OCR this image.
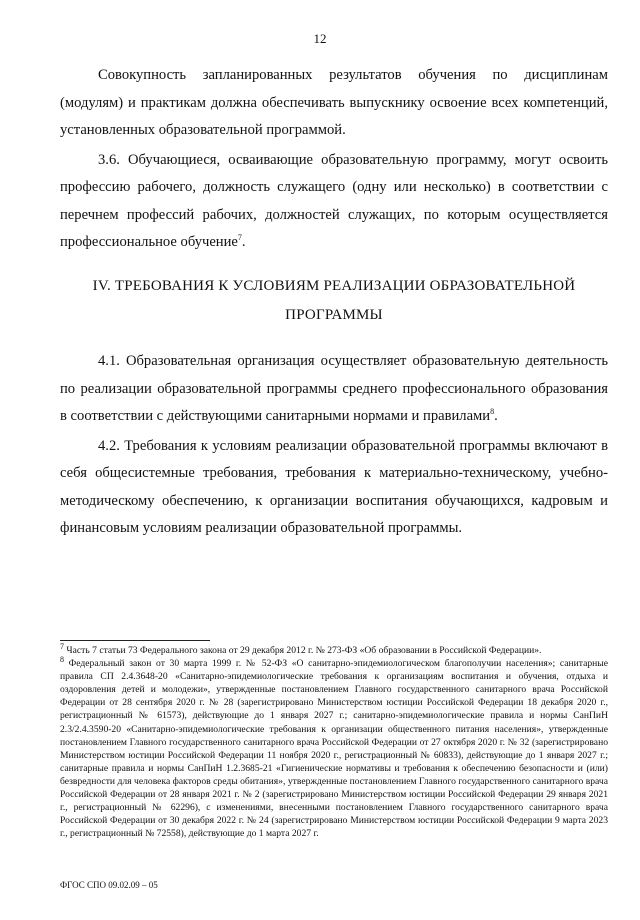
12

Совокупность запланированных результатов обучения по дисциплинам (модулям) и практикам должна обеспечивать выпускнику освоение всех компетенций, установленных образовательной программой.

3.6. Обучающиеся, осваивающие образовательную программу, могут освоить профессию рабочего, должность служащего (одну или несколько) в соответствии с перечнем профессий рабочих, должностей служащих, по которым осуществляется профессиональное обучение$^7$.

IV. ТРЕБОВАНИЯ К УСЛОВИЯМ РЕАЛИЗАЦИИ ОБРАЗОВАТЕЛЬНОЙ
ПРОГРАММЫ

4.1. Образовательная организация осуществляет образовательную деятельность по реализации образовательной программы среднего профессионального образования в соответствии с действующими санитарными нормами и правилами$^8$.

4.2. Требования к условиям реализации образовательной программы включают в себя общесистемные требования, требования к материально-техническому, учебно-методическому обеспечению, к организации воспитания обучающихся, кадровым и финансовым условиям реализации образовательной программы.

$^7$ Часть 7 статьи 73 Федерального закона от 29 декабря 2012 г. № 273-ФЗ «Об образовании в Российской Федерации».

$^8$ Федеральный закон от 30 марта 1999 г. № 52-ФЗ «О санитарно-эпидемиологическом благополучии населения»; санитарные правила СП 2.4.3648-20 «Санитарно-эпидемиологические требования к организациям воспитания и обучения, отдыха и оздоровления детей и молодежи», утвержденные постановлением Главного государственного санитарного врача Российской Федерации от 28 сентября 2020 г. № 28 (зарегистрировано Министерством юстиции Российской Федерации 18 декабря 2020 г., регистрационный № 61573), действующие до 1 января 2027 г.; санитарно-эпидемиологические правила и нормы СанПиН 2.3/2.4.3590-20 «Санитарно-эпидемиологические требования к организации общественного питания населения», утвержденные постановлением Главного государственного санитарного врача Российской Федерации от 27 октября 2020 г. № 32 (зарегистрировано Министерством юстиции Российской Федерации 11 ноября 2020 г., регистрационный № 60833), действующие до 1 января 2027 г.; санитарные правила и нормы СанПиН 1.2.3685-21 «Гигиенические нормативы и требования к обеспечению безопасности и (или) безвредности для человека факторов среды обитания», утвержденные постановлением Главного государственного санитарного врача Российской Федерации от 28 января 2021 г. № 2 (зарегистрировано Министерством юстиции Российской Федерации 29 января 2021 г., регистрационный № 62296), с изменениями, внесенными постановлением Главного государственного санитарного врача Российской Федерации от 30 декабря 2022 г. № 24 (зарегистрировано Министерством юстиции Российской Федерации 9 марта 2023 г., регистрационный № 72558), действующие до 1 марта 2027 г.

ФГОС СПО 09.02.09 – 05
